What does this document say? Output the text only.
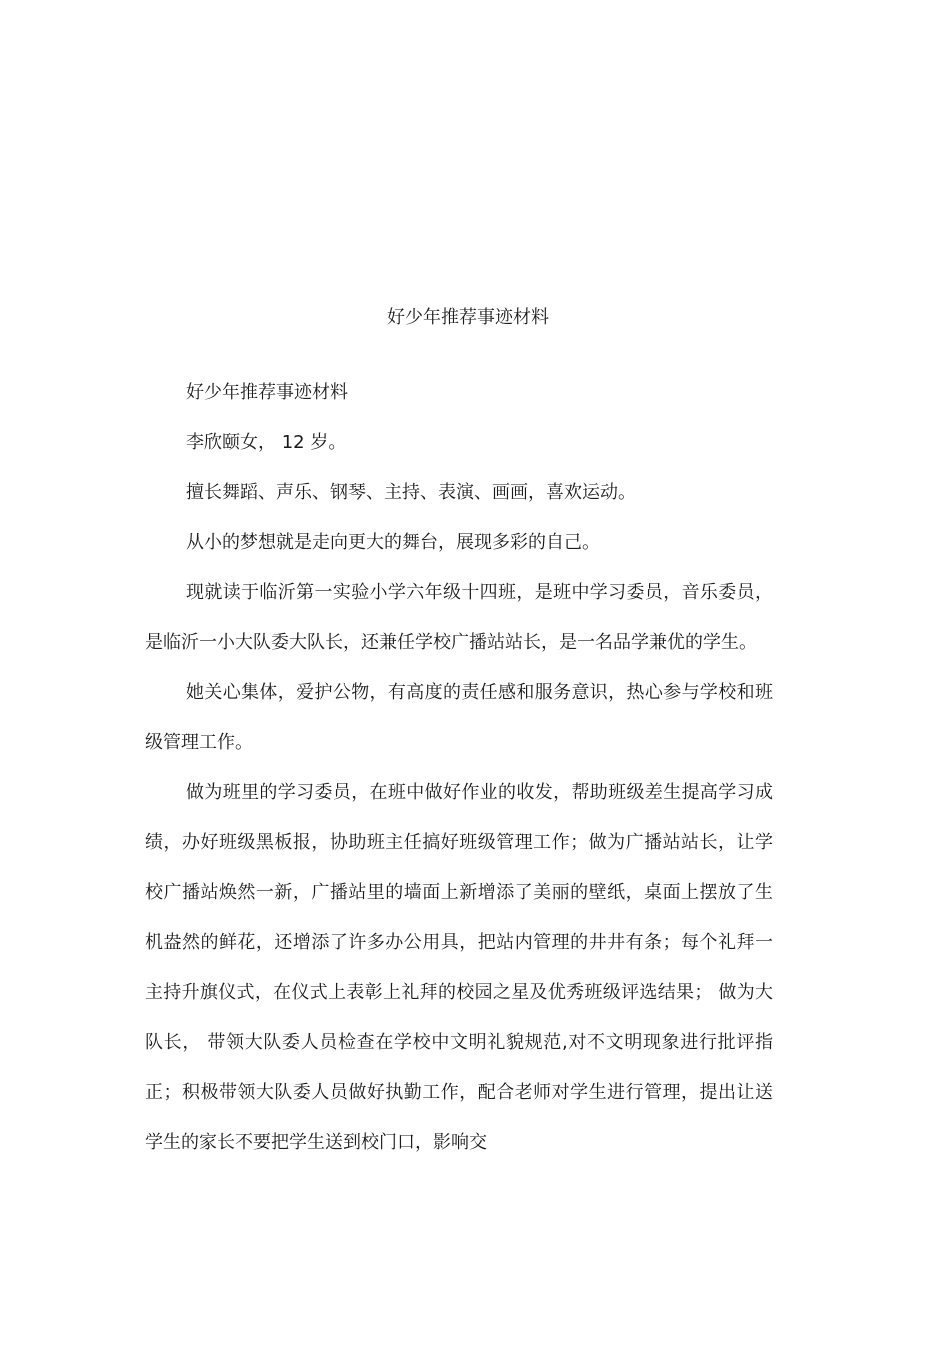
好少年推荐事迹材料

好少年推荐事迹材料

李欣颐女， 12 岁。

擅长舞蹈、声乐、钢琴、主持、表演、画画，喜欢运动。

从小的梦想就是走向更大的舞台，展现多彩的自己。

现就读于临沂第一实验小学六年级十四班，是班中学习委员，音乐委员，是临沂一小大队委大队长，还兼任学校广播站站长，是一名品学兼优的学生。

她关心集体，爱护公物，有高度的责任感和服务意识，热心参与学校和班级管理工作。

做为班里的学习委员，在班中做好作业的收发，帮助班级差生提高学习成绩，办好班级黑板报，协助班主任搞好班级管理工作；做为广播站站长，让学校广播站焕然一新，广播站里的墙面上新增添了美丽的壁纸，桌面上摆放了生机盎然的鲜花，还增添了许多办公用具，把站内管理的井井有条；每个礼拜一主持升旗仪式，在仪式上表彰上礼拜的校园之星及优秀班级评选结果； 做为大队长， 带领大队委人员检查在学校中文明礼貌规范,对不文明现象进行批评指正；积极带领大队委人员做好执勤工作，配合老师对学生进行管理，提出让送学生的家长不要把学生送到校门口，影响交
